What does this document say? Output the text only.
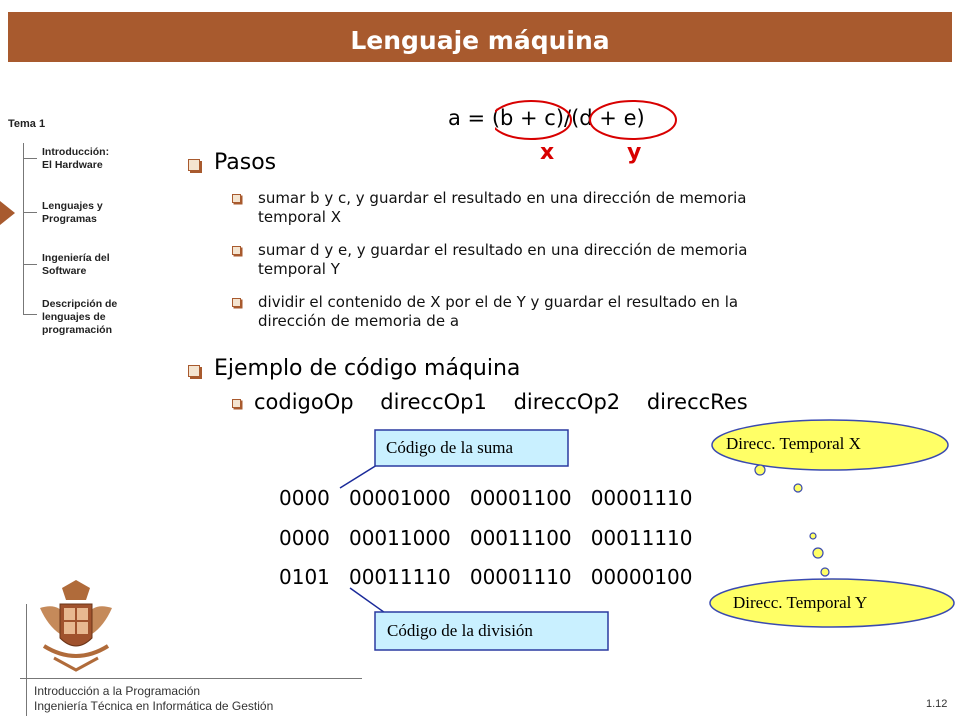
Lenguaje máquina
Tema 1
Introducción:
El Hardware
Lenguajes y
Programas
Ingeniería del
Software
Descripción de
lenguajes de
programación
a = (b + c)/(d + e)
x	y
Pasos
sumar b y c, y guardar el resultado en una dirección de memoria
temporal X
sumar d y e, y guardar el resultado en una dirección de memoria
temporal Y
dividir el contenido de X por el de Y y guardar el resultado en la
dirección de memoria de a
Ejemplo de código máquina
codigoOp    direccOp1    direccOp2    direccRes
Código de la suma
Código de la división
Direcc. Temporal X
Direcc. Temporal Y
0000   00001000   00001100   00001110
0000   00011000   00011100   00011110
0101   00011110   00001110   00000100
Introducción a la Programación
Ingeniería Técnica en Informática de Gestión	1.12
